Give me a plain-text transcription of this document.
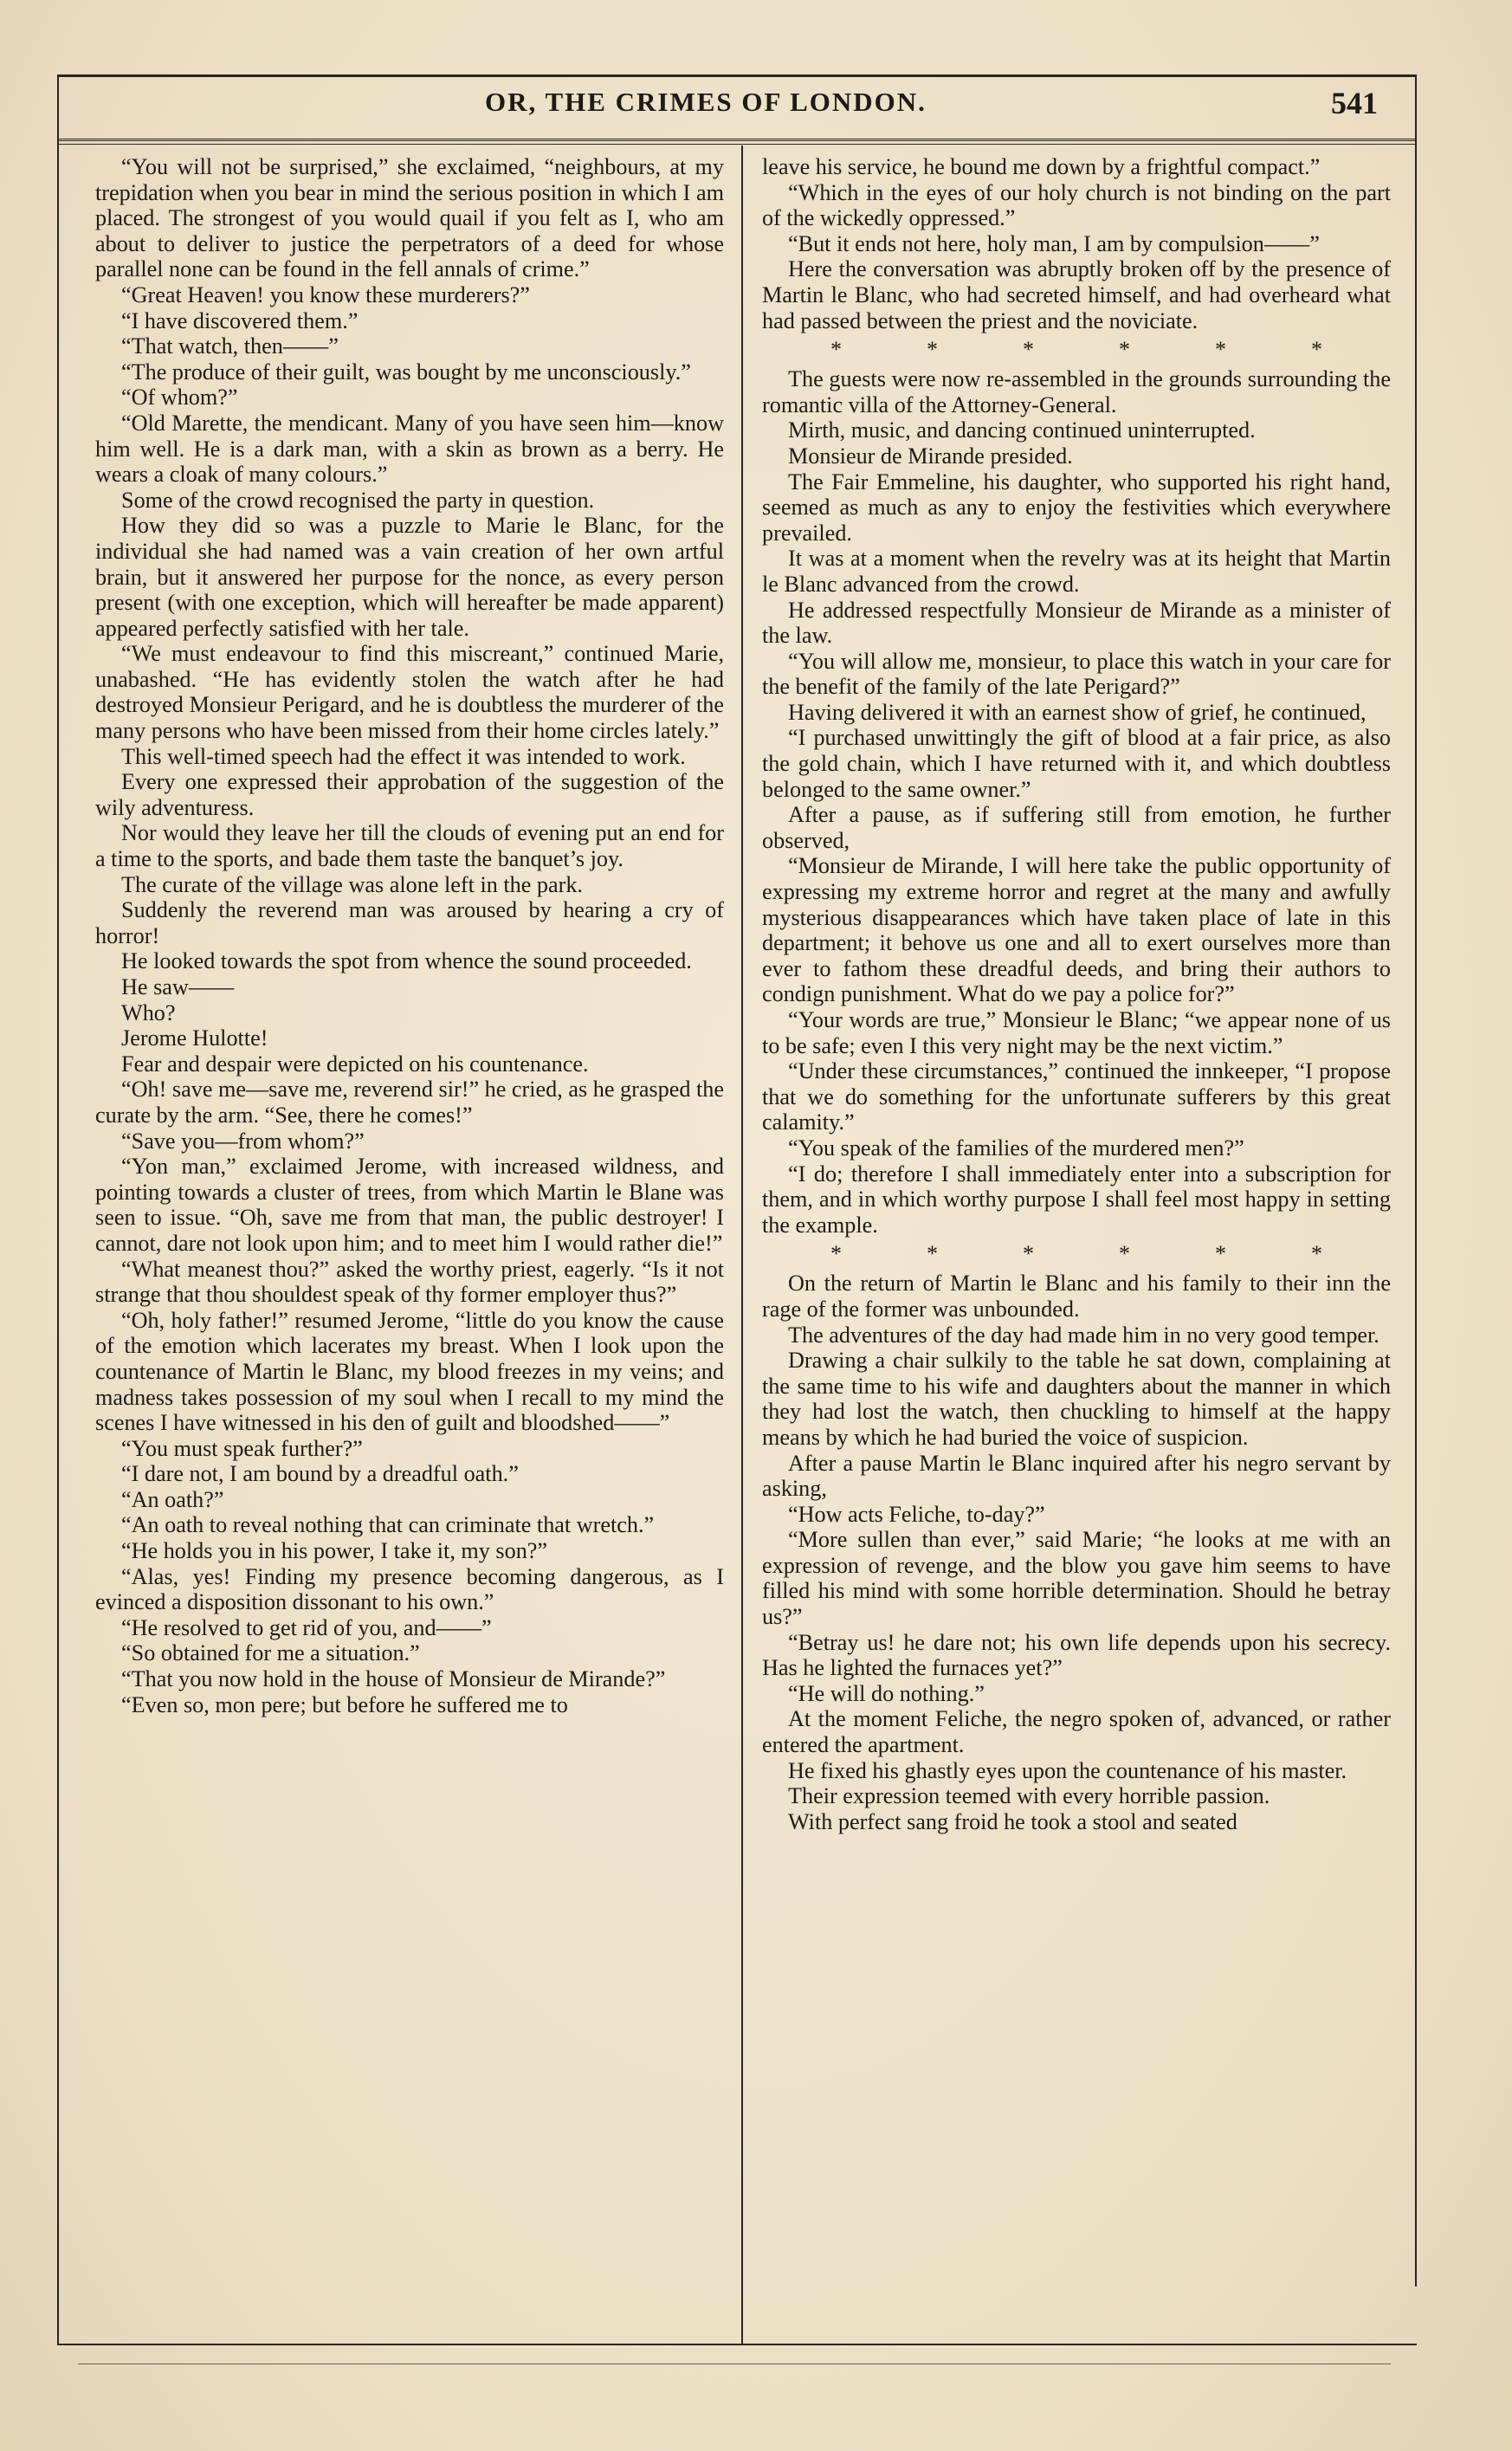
OR, THE CRIMES OF LONDON.	541

“You will not be surprised,” she exclaimed, “neighbours, at my trepidation when you bear in mind the serious position in which I am placed. The strongest of you would quail if you felt as I, who am about to deliver to justice the perpetrators of a deed for whose parallel none can be found in the fell annals of crime.”

“Great Heaven! you know these murderers?”

“I have discovered them.”

“That watch, then——”

“The produce of their guilt, was bought by me unconsciously.”

“Of whom?”

“Old Marette, the mendicant. Many of you have seen him—know him well. He is a dark man, with a skin as brown as a berry. He wears a cloak of many colours.”

Some of the crowd recognised the party in question.

How they did so was a puzzle to Marie le Blanc, for the individual she had named was a vain creation of her own artful brain, but it answered her purpose for the nonce, as every person present (with one exception, which will hereafter be made apparent) appeared perfectly satisfied with her tale.

“We must endeavour to find this miscreant,” continued Marie, unabashed. “He has evidently stolen the watch after he had destroyed Monsieur Perigard, and he is doubtless the murderer of the many persons who have been missed from their home circles lately.”

This well-timed speech had the effect it was intended to work.

Every one expressed their approbation of the suggestion of the wily adventuress.

Nor would they leave her till the clouds of evening put an end for a time to the sports, and bade them taste the banquet’s joy.

The curate of the village was alone left in the park.

Suddenly the reverend man was aroused by hearing a cry of horror!

He looked towards the spot from whence the sound proceeded.

He saw——

Who?

Jerome Hulotte!

Fear and despair were depicted on his countenance.

“Oh! save me—save me, reverend sir!” he cried, as he grasped the curate by the arm. “See, there he comes!”

“Save you—from whom?”

“Yon man,” exclaimed Jerome, with increased wildness, and pointing towards a cluster of trees, from which Martin le Blane was seen to issue. “Oh, save me from that man, the public destroyer! I cannot, dare not look upon him; and to meet him I would rather die!”

“What meanest thou?” asked the worthy priest, eagerly. “Is it not strange that thou shouldest speak of thy former employer thus?”

“Oh, holy father!” resumed Jerome, “little do you know the cause of the emotion which lacerates my breast. When I look upon the countenance of Martin le Blanc, my blood freezes in my veins; and madness takes possession of my soul when I recall to my mind the scenes I have witnessed in his den of guilt and bloodshed——”

“You must speak further?”

“I dare not, I am bound by a dreadful oath.”

“An oath?”

“An oath to reveal nothing that can criminate that wretch.”

“He holds you in his power, I take it, my son?”

“Alas, yes! Finding my presence becoming dangerous, as I evinced a disposition dissonant to his own.”

“He resolved to get rid of you, and——”

“So obtained for me a situation.”

“That you now hold in the house of Monsieur de Mirande?”

“Even so, mon pere; but before he suffered me to

leave his service, he bound me down by a frightful compact.”

“Which in the eyes of our holy church is not binding on the part of the wickedly oppressed.”

“But it ends not here, holy man, I am by compulsion——”

Here the conversation was abruptly broken off by the presence of Martin le Blanc, who had secreted himself, and had overheard what had passed between the priest and the noviciate.

*	*	*	*	*	*

The guests were now re-assembled in the grounds surrounding the romantic villa of the Attorney-General.

Mirth, music, and dancing continued uninterrupted.

Monsieur de Mirande presided.

The Fair Emmeline, his daughter, who supported his right hand, seemed as much as any to enjoy the festivities which everywhere prevailed.

It was at a moment when the revelry was at its height that Martin le Blanc advanced from the crowd.

He addressed respectfully Monsieur de Mirande as a minister of the law.

“You will allow me, monsieur, to place this watch in your care for the benefit of the family of the late Perigard?”

Having delivered it with an earnest show of grief, he continued,

“I purchased unwittingly the gift of blood at a fair price, as also the gold chain, which I have returned with it, and which doubtless belonged to the same owner.”

After a pause, as if suffering still from emotion, he further observed,

“Monsieur de Mirande, I will here take the public opportunity of expressing my extreme horror and regret at the many and awfully mysterious disappearances which have taken place of late in this department; it behove us one and all to exert ourselves more than ever to fathom these dreadful deeds, and bring their authors to condign punishment. What do we pay a police for?”

“Your words are true,” Monsieur le Blanc; “we appear none of us to be safe; even I this very night may be the next victim.”

“Under these circumstances,” continued the innkeeper, “I propose that we do something for the unfortunate sufferers by this great calamity.”

“You speak of the families of the murdered men?”

“I do; therefore I shall immediately enter into a subscription for them, and in which worthy purpose I shall feel most happy in setting the example.

*	*	*	*	*	*

On the return of Martin le Blanc and his family to their inn the rage of the former was unbounded.

The adventures of the day had made him in no very good temper.

Drawing a chair sulkily to the table he sat down, complaining at the same time to his wife and daughters about the manner in which they had lost the watch, then chuckling to himself at the happy means by which he had buried the voice of suspicion.

After a pause Martin le Blanc inquired after his negro servant by asking,

“How acts Feliche, to-day?”

“More sullen than ever,” said Marie; “he looks at me with an expression of revenge, and the blow you gave him seems to have filled his mind with some horrible determination. Should he betray us?”

“Betray us! he dare not; his own life depends upon his secrecy. Has he lighted the furnaces yet?”

“He will do nothing.”

At the moment Feliche, the negro spoken of, advanced, or rather entered the apartment.

He fixed his ghastly eyes upon the countenance of his master.

Their expression teemed with every horrible passion.

With perfect sang froid he took a stool and seated
